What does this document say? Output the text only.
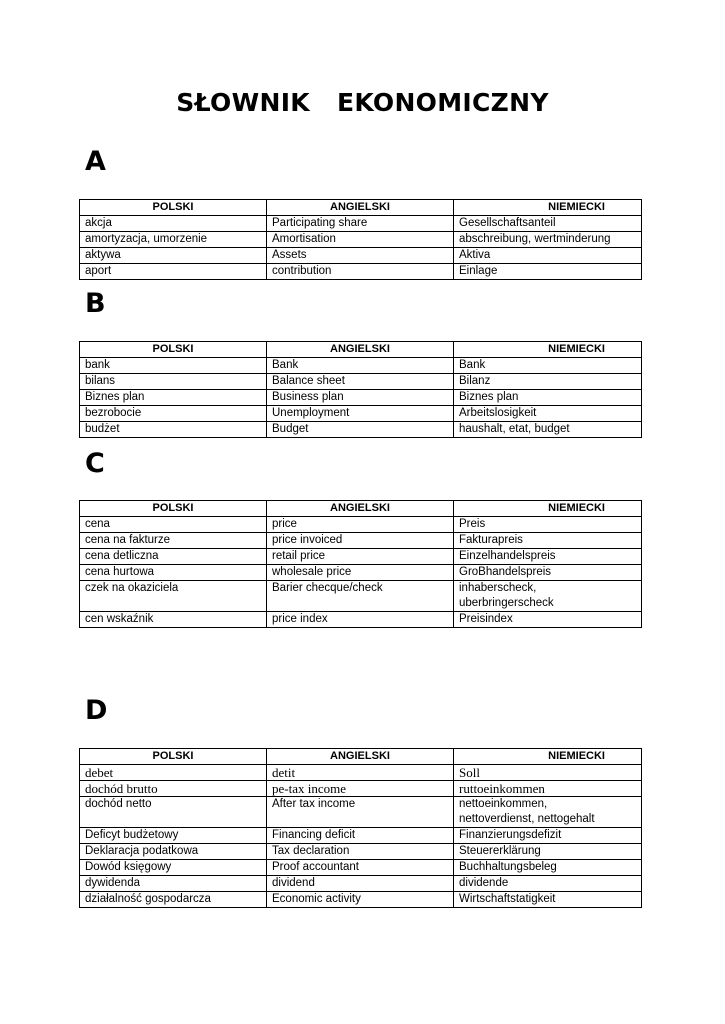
SŁOWNIK   EKONOMICZNY
A
POLSKI	ANGIELSKI	NIEMIECKI
akcja	Participating share	Gesellschaftsanteil
amortyzacja, umorzenie	Amortisation	abschreibung, wertminderung
aktywa	Assets	Aktiva
aport	contribution	Einlage
B
POLSKI	ANGIELSKI	NIEMIECKI
bank	Bank	Bank
bilans	Balance sheet	Bilanz
Biznes plan	Business plan	Biznes plan
bezrobocie	Unemployment	Arbeitslosigkeit
budżet	Budget	haushalt, etat, budget
C
POLSKI	ANGIELSKI	NIEMIECKI
cena	price	Preis
cena na fakturze	price invoiced	Fakturapreis
cena detliczna	retail price	Einzelhandelspreis
cena hurtowa	wholesale price	GroBhandelspreis
czek na okaziciela	Barier checque/check	inhaberscheck,
uberbringerscheck
cen wskaźnik	price index	Preisindex
D
POLSKI	ANGIELSKI	NIEMIECKI
debet	detit	Soll
dochód brutto	pe-tax income	ruttoeinkommen
dochód netto	After tax income	nettoeinkommen,
nettoverdienst, nettogehalt
Deficyt budżetowy	Financing deficit	Finanzierungsdefizit
Deklaracja podatkowa	Tax declaration	Steuererklärung
Dowód księgowy	Proof accountant	Buchhaltungsbeleg
dywidenda	dividend	dividende
działalność gospodarcza	Economic activity	Wirtschaftstatigkeit
